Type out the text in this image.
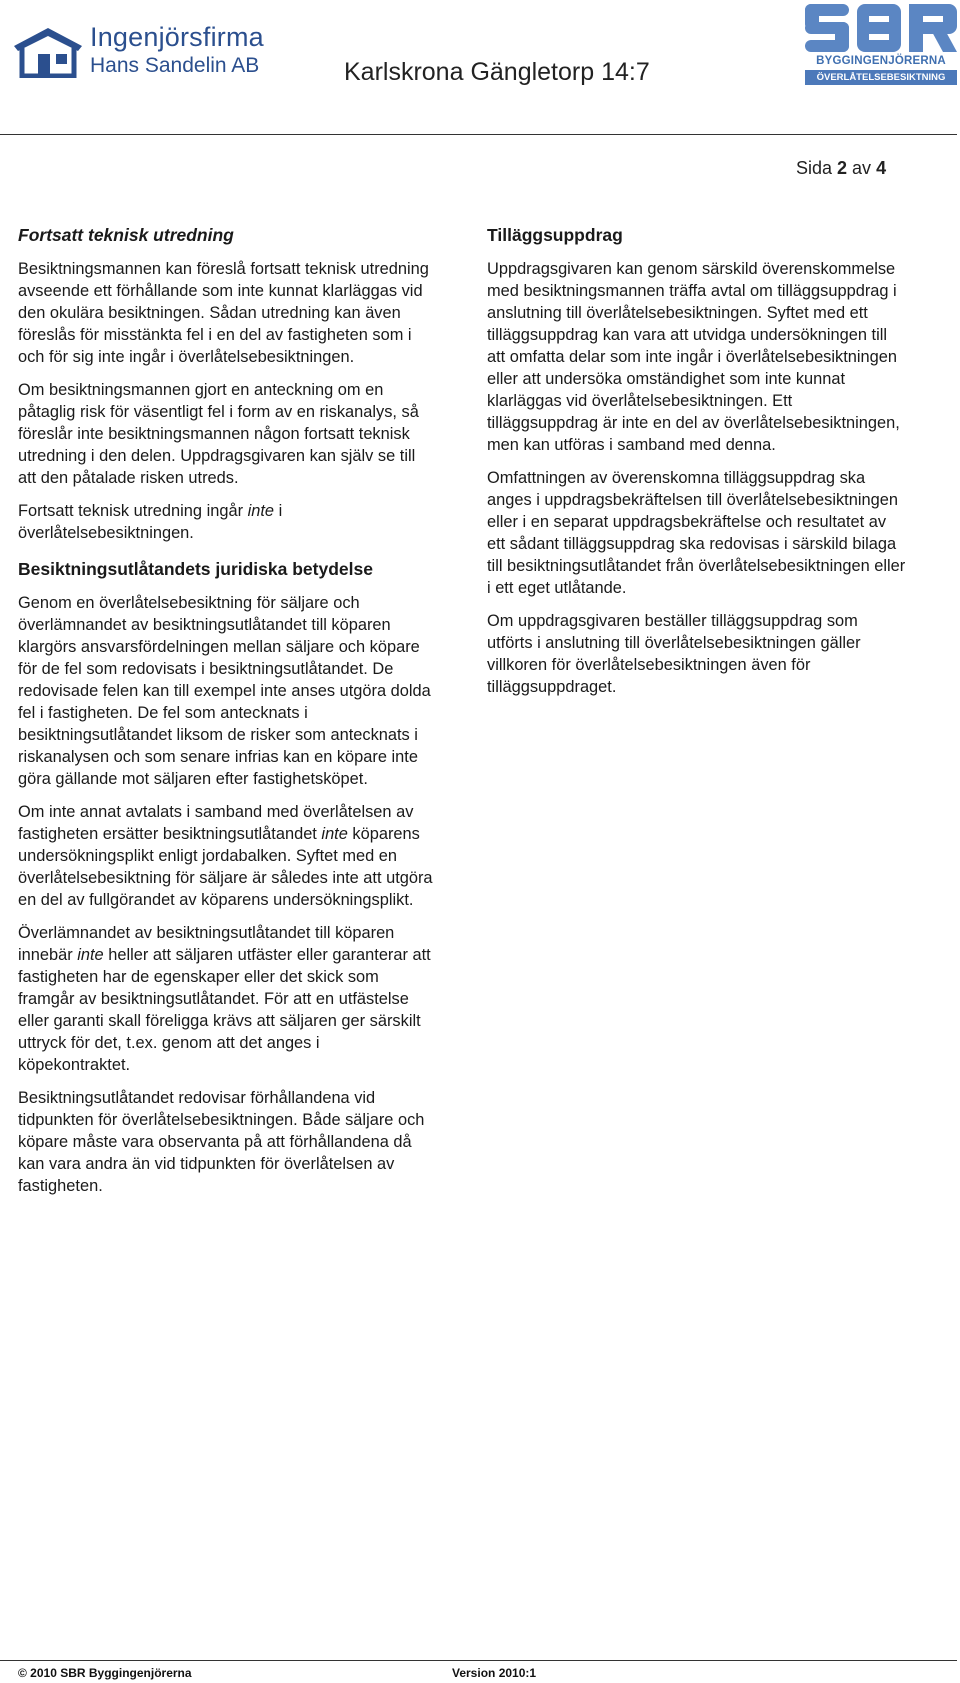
Ingenjörsfirma
Hans Sandelin AB	Karlskrona Gängletorp 14:7	BYGGINGENJÖRERNA
ÖVERLÅTELSEBESIKTNING
Sida 2 av 4
Fortsatt teknisk utredning

Besiktningsmannen kan föreslå fortsatt teknisk utredning avseende ett förhållande som inte kunnat klarläggas vid den okulära besiktningen. Sådan utredning kan även föreslås för misstänkta fel i en del av fastigheten som i och för sig inte ingår i överlåtelsebesiktningen.

Om besiktningsmannen gjort en anteckning om en påtaglig risk för väsentligt fel i form av en riskanalys, så föreslår inte besiktningsmannen någon fortsatt teknisk utredning i den delen. Uppdragsgivaren kan själv se till att den påtalade risken utreds.

Fortsatt teknisk utredning ingår inte i överlåtelsebesiktningen.

Besiktningsutlåtandets juridiska betydelse

Genom en överlåtelsebesiktning för säljare och överlämnandet av besiktningsutlåtandet till köparen klargörs ansvarsfördelningen mellan säljare och köpare för de fel som redovisats i besiktningsutlåtandet. De redovisade felen kan till exempel inte anses utgöra dolda fel i fastigheten. De fel som antecknats i besiktningsutlåtandet liksom de risker som antecknats i riskanalysen och som senare infrias kan en köpare inte göra gällande mot säljaren efter fastighetsköpet.

Om inte annat avtalats i samband med överlåtelsen av fastigheten ersätter besiktningsutlåtandet inte köparens undersökningsplikt enligt jordabalken. Syftet med en överlåtelsebesiktning för säljare är således inte att utgöra en del av fullgörandet av köparens undersökningsplikt.

Överlämnandet av besiktningsutlåtandet till köparen innebär inte heller att säljaren utfäster eller garanterar att fastigheten har de egenskaper eller det skick som framgår av besiktningsutlåtandet. För att en utfästelse eller garanti skall föreligga krävs att säljaren ger särskilt uttryck för det, t.ex. genom att det anges i köpekontraktet.

Besiktningsutlåtandet redovisar förhållandena vid tidpunkten för överlåtelsebesiktningen. Både säljare och köpare måste vara observanta på att förhållandena då kan vara andra än vid tidpunkten för överlåtelsen av fastigheten.

Tilläggsuppdrag

Uppdragsgivaren kan genom särskild överenskommelse med besiktningsmannen träffa avtal om tilläggsuppdrag i anslutning till överlåtelsebesiktningen. Syftet med ett tilläggsuppdrag kan vara att utvidga undersökningen till att omfatta delar som inte ingår i överlåtelsebesiktningen eller att undersöka omständighet som inte kunnat klarläggas vid överlåtelsebesiktningen. Ett tilläggsuppdrag är inte en del av överlåtelsebesiktningen, men kan utföras i samband med denna.

Omfattningen av överenskomna tilläggsuppdrag ska anges i uppdragsbekräftelsen till överlåtelsebesiktningen eller i en separat uppdragsbekräftelse och resultatet av ett sådant tilläggsuppdrag ska redovisas i särskild bilaga till besiktningsutlåtandet från överlåtelsebesiktningen eller i ett eget utlåtande.

Om uppdragsgivaren beställer tilläggsuppdrag som utförts i anslutning till överlåtelsebesiktningen gäller villkoren för överlåtelsebesiktningen även för tilläggsuppdraget.

© 2010 SBR Byggingenjörerna	Version 2010:1
